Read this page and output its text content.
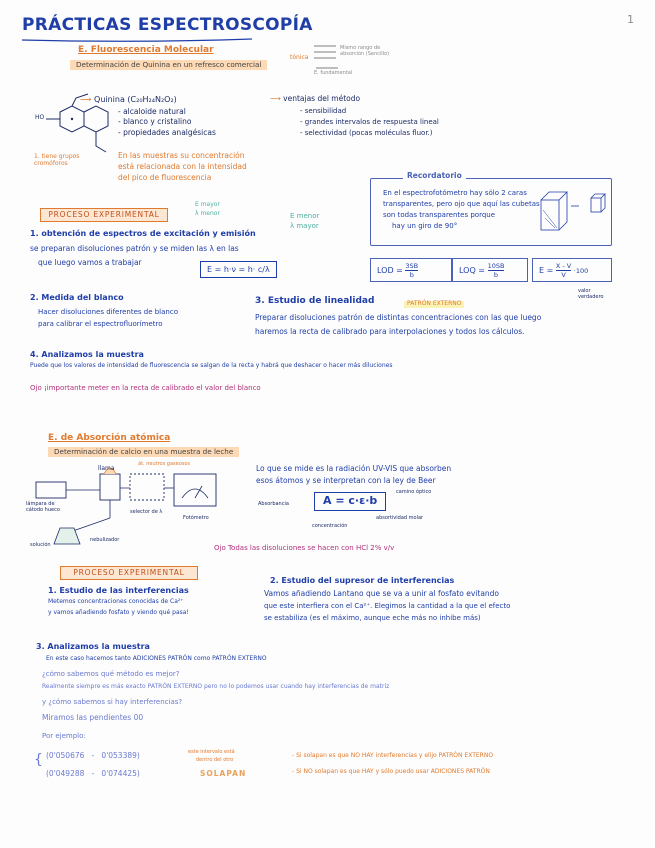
1
PRÁCTICAS ESPECTROSCOPÍA
E. Fluorescencia Molecular
Determinación de Quinina en un refresco comercial
tónica
Mismo rango de absorción (Sencillo)
E. fundamental
HO
1. tiene grupos cromóforos
⟶ Quinina (C₂₀H₂₄N₂O₂)
- alcaloide natural
- blanco y cristalino
- propiedades analgésicas
En las muestras su concentración
está relacionada con la intensidad
del pico de fluorescencia
⟶ ventajas del método
- sensibilidad
- grandes intervalos de respuesta lineal
- selectividad (pocas moléculas fluor.)
Recordatorio
En el espectrofotómetro hay sólo 2 caras
transparentes, pero ojo que aquí las cubetas
son todas transparentes porque
hay un giro de 90°
PROCESO EXPERIMENTAL
E mayor
λ menor	E menor
λ mayor
1. obtención de espectros de excitación y emisión
se preparan disoluciones patrón y se miden las λ en las
que luego vamos a trabajar
E = h·ν = h· c/λ	LOD = $\frac{3SB}{b}$	LOQ = $\frac{10SB}{b}$	$E = \frac{X - V}{V} \cdot 100$
valor verdadero
2. Medida del blanco
Hacer disoluciones diferentes de blanco
para calibrar el espectrofluorímetro
3. Estudio de linealidad	PATRÓN EXTERNO
Preparar disoluciones patrón de distintas concentraciones con las que luego
haremos la recta de calibrado para interpolaciones y todos los cálculos.
4. Analizamos la muestra
Puede que los valores de intensidad de fluorescencia se salgan de la recta y habrá que deshacer o hacer más diluciones
Ojo ¡importante meter en la recta de calibrado el valor del blanco
E. de Absorción atómica
Determinación de calcio en una muestra de leche
llama
át. neutros gaseosos
lámpara de cátodo hueco	selector de λ
Fotómetro
solución
nebulizador
Lo que se mide es la radiación UV-VIS que absorben
esos átomos y se interpretan con la ley de Beer
A = c·ε·b
Absorbancia
camino óptico
concentración
absortividad molar
Ojo Todas las disoluciones se hacen con HCl 2% v/v
PROCESO EXPERIMENTAL
1. Estudio de las interferencias
Metemos concentraciones conocidas de Ca²⁺
y vamos añadiendo fosfato y viendo qué pasa!
2. Estudio del supresor de interferencias
Vamos añadiendo Lantano que se va a unir al fosfato evitando
que este interfiera con el Ca²⁺. Elegimos la cantidad a la que el efecto
se estabiliza (es el máximo, aunque eche más no inhibe más)
3. Analizamos la muestra
En este caso hacemos tanto ADICIONES PATRÓN como PATRÓN EXTERNO
¿cómo sabemos qué método es mejor?
Realmente siempre es más exacto PATRÓN EXTERNO pero no lo podemos usar cuando hay interferencias de matriz
y ¿cómo sabemos si hay interferencias?
Miramos las pendientes 00
Por ejemplo:
{ (0'050676 - 0'053389)
(0'049288 - 0'074425)
este intervalo está
dentro del otro
SOLAPAN
- Si solapan es que NO HAY interferencias y elijo PATRÓN EXTERNO
- Si NO solapan es que HAY y sólo puedo usar ADICIONES PATRÓN
